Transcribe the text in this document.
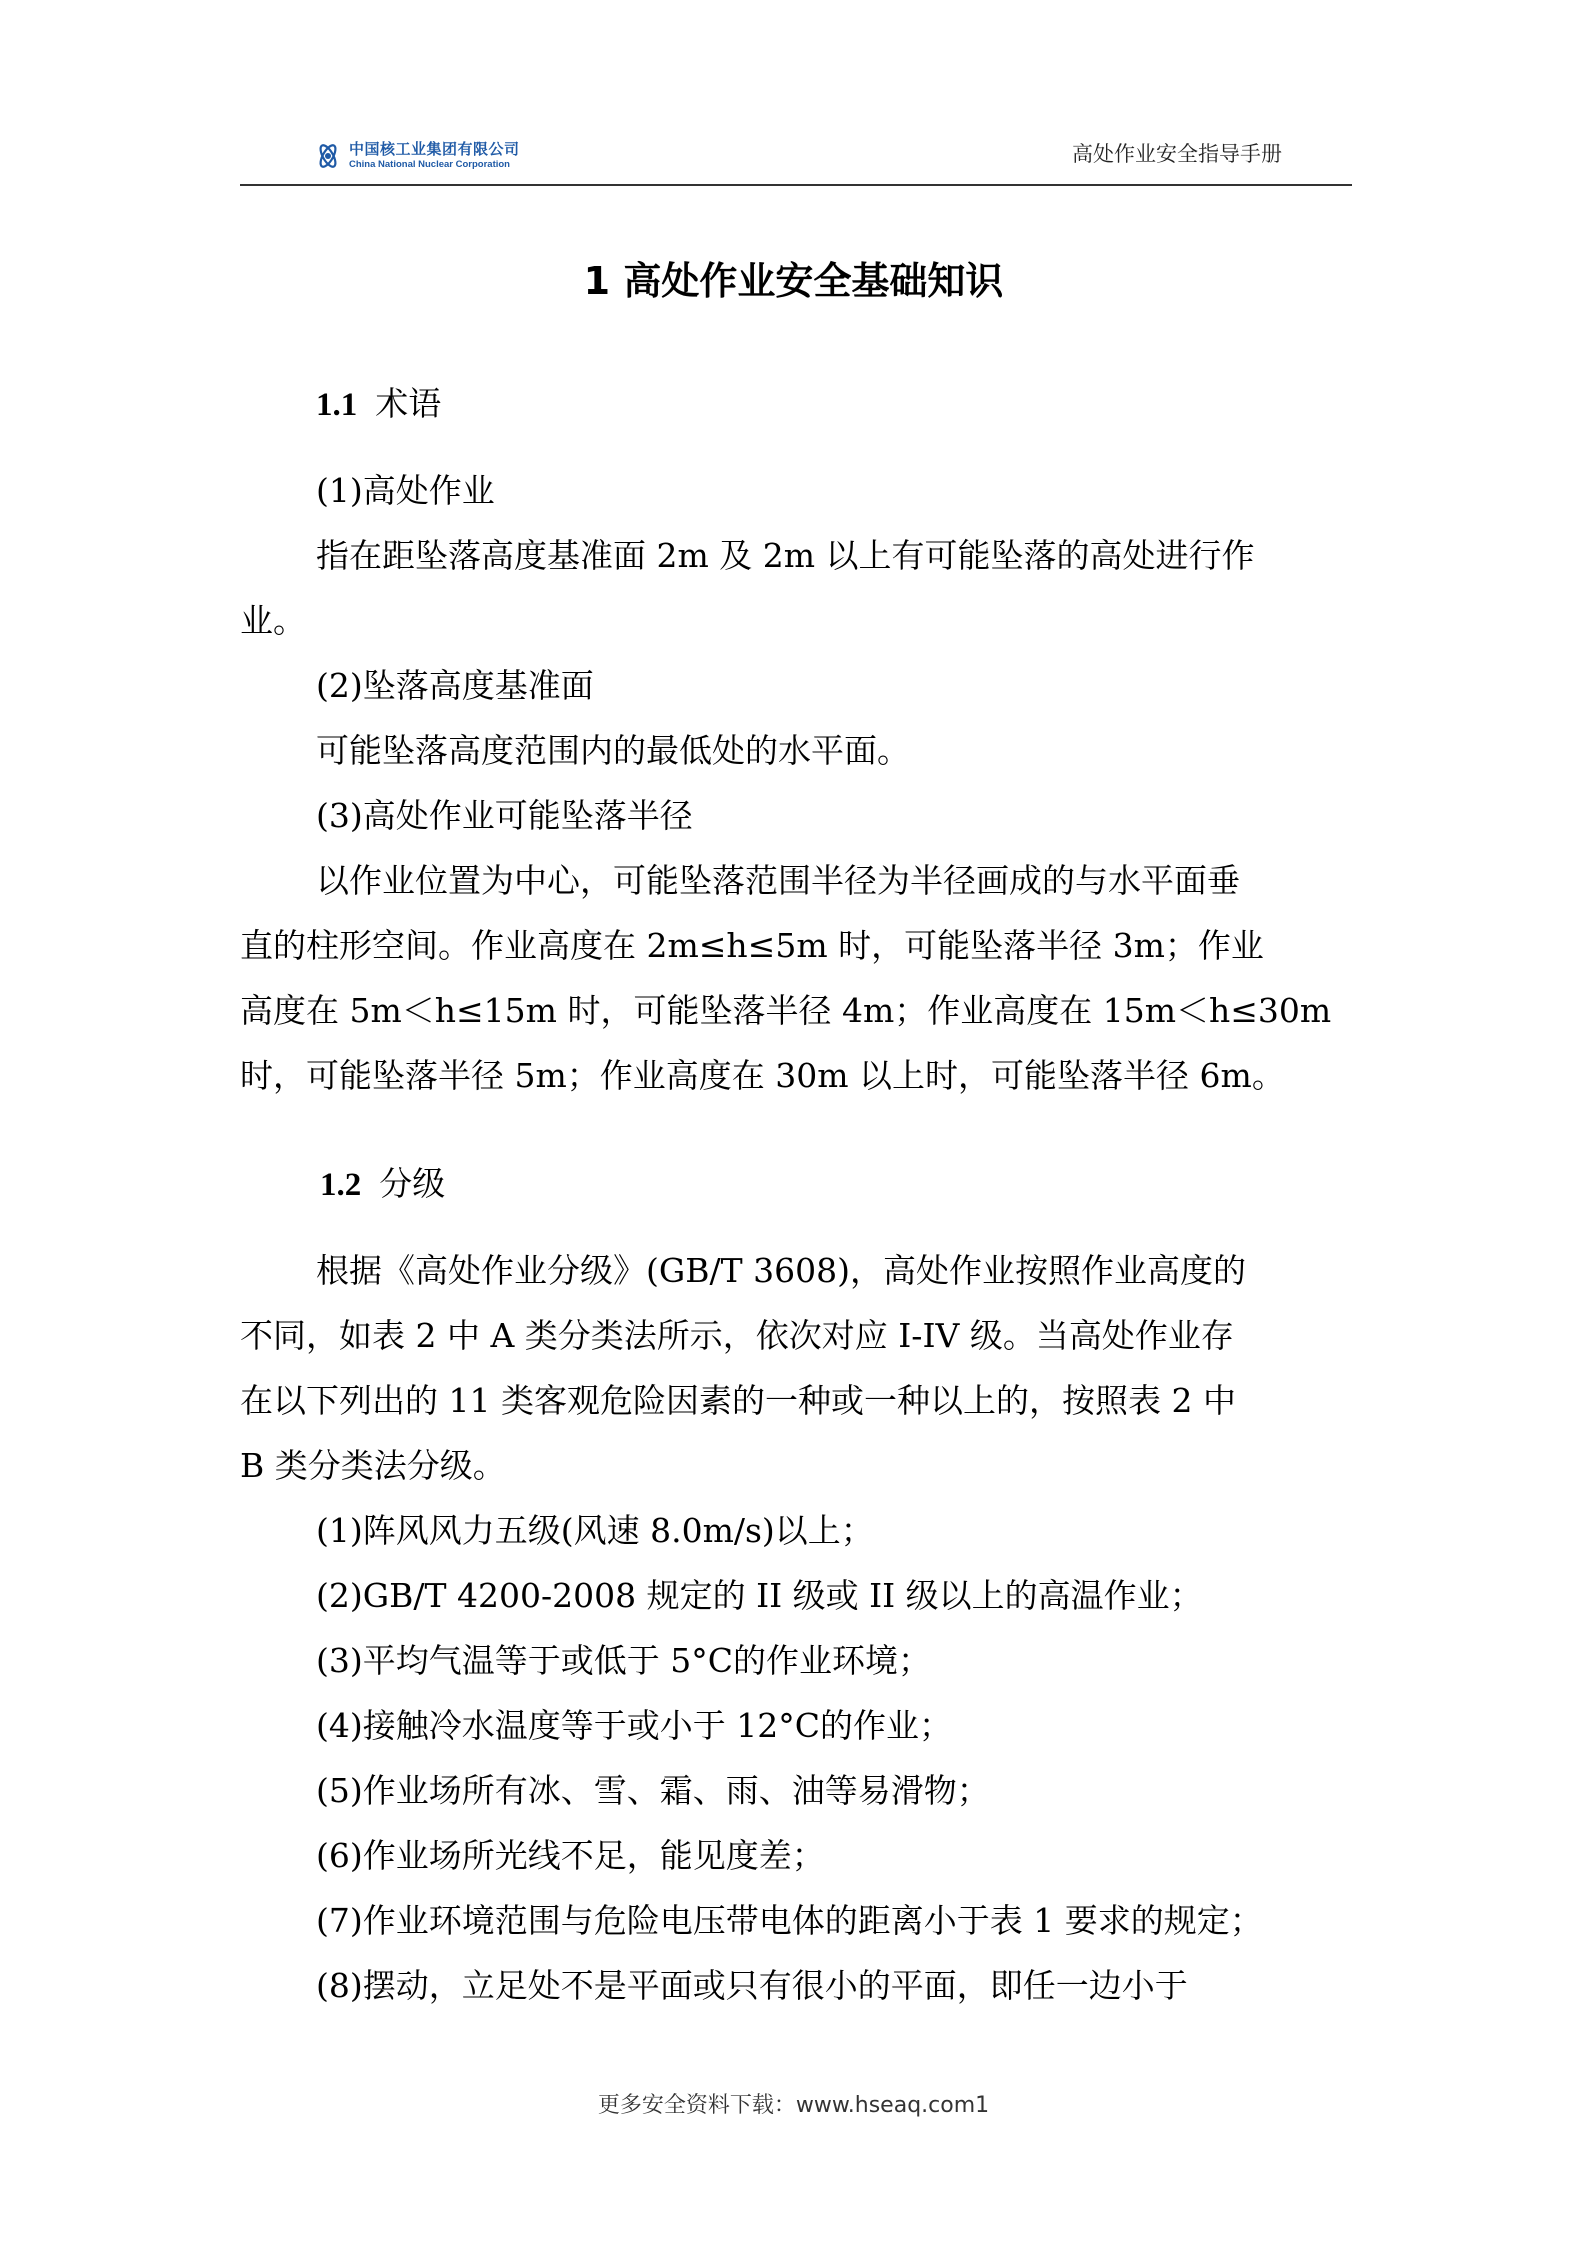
中国核工业集团有限公司
China National Nuclear Corporation	高处作业安全指导手册
1 高处作业安全基础知识
1.1 术语

(1)高处作业

指在距坠落高度基准面 2m 及 2m 以上有可能坠落的高处进行作

业。

(2)坠落高度基准面

可能坠落高度范围内的最低处的水平面。

(3)高处作业可能坠落半径

以作业位置为中心，可能坠落范围半径为半径画成的与水平面垂

直的柱形空间。作业高度在 2m≤h≤5m 时，可能坠落半径 3m；作业

高度在 5m＜h≤15m 时，可能坠落半径 4m；作业高度在 15m＜h≤30m

时，可能坠落半径 5m；作业高度在 30m 以上时，可能坠落半径 6m。

1.2 分级

根据《高处作业分级》(GB/T 3608)，高处作业按照作业高度的

不同，如表 2 中 A 类分类法所示，依次对应 I-IV 级。当高处作业存

在以下列出的 11 类客观危险因素的一种或一种以上的，按照表 2 中

B 类分类法分级。

(1)阵风风力五级(风速 8.0m/s)以上；

(2)GB/T 4200-2008 规定的 II 级或 II 级以上的高温作业；

(3)平均气温等于或低于 5°C的作业环境；

(4)接触冷水温度等于或小于 12°C的作业；

(5)作业场所有冰、雪、霜、雨、油等易滑物；

(6)作业场所光线不足，能见度差；

(7)作业环境范围与危险电压带电体的距离小于表 1 要求的规定；

(8)摆动，立足处不是平面或只有很小的平面，即任一边小于

更多安全资料下载：www.hseaq.com1
